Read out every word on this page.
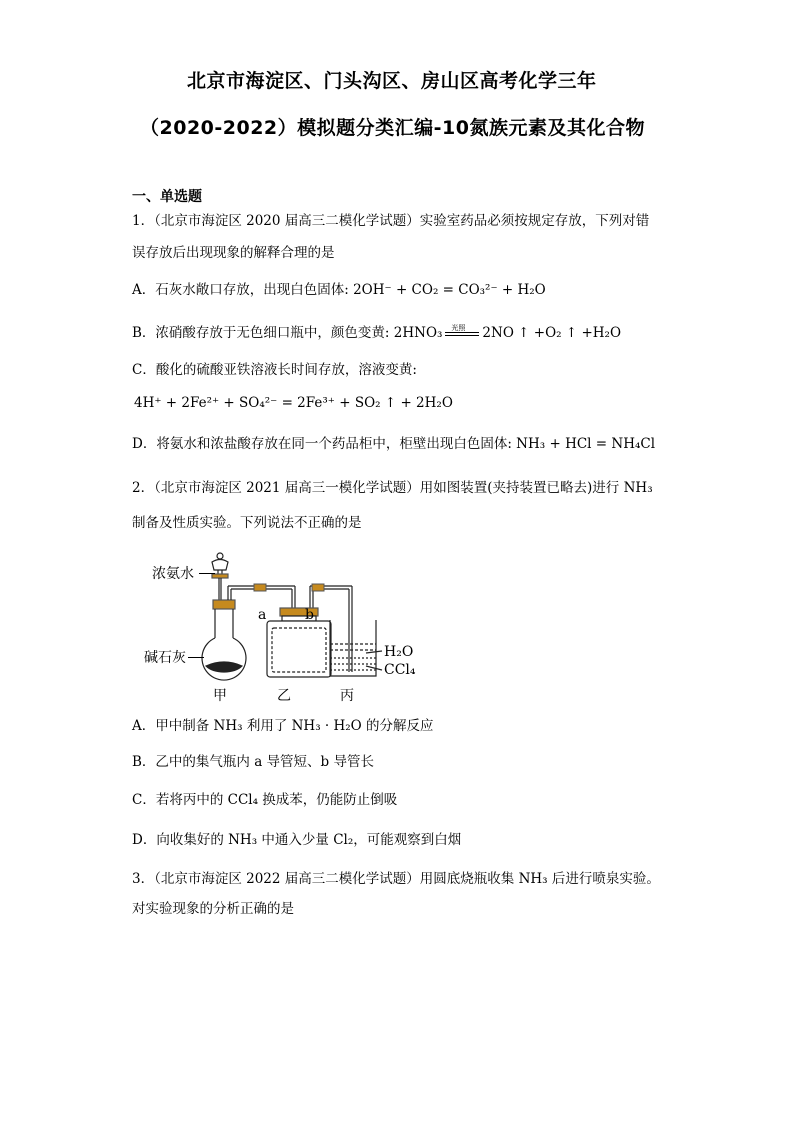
北京市海淀区、门头沟区、房山区高考化学三年
（2020-2022）模拟题分类汇编-10氮族元素及其化合物
一、单选题
1．（北京市海淀区 2020 届高三二模化学试题）实验室药品必须按规定存放，下列对错
误存放后出现现象的解释合理的是
A．石灰水敞口存放，出现白色固体: 2OH⁻ + CO₂ = CO₃²⁻ + H₂O
B．浓硝酸存放于无色细口瓶中，颜色变黄: 2HNO₃ 光照 2NO ↑ +O₂ ↑ +H₂O
C．酸化的硫酸亚铁溶液长时间存放，溶液变黄:
4H⁺ + 2Fe²⁺ + SO₄²⁻ = 2Fe³⁺ + SO₂ ↑ + 2H₂O
D．将氨水和浓盐酸存放在同一个药品柜中，柜壁出现白色固体: NH₃ + HCl = NH₄Cl
2．（北京市海淀区 2021 届高三一模化学试题）用如图装置(夹持装置已略去)进行 NH₃
制备及性质实验。下列说法不正确的是
浓氨水
碱石灰
a	b
H₂O
CCl₄
甲	乙	丙
A．甲中制备 NH₃ 利用了 NH₃ · H₂O 的分解反应
B．乙中的集气瓶内 a 导管短、b 导管长
C．若将丙中的 CCl₄ 换成苯，仍能防止倒吸
D．向收集好的 NH₃ 中通入少量 Cl₂，可能观察到白烟
3．（北京市海淀区 2022 届高三二模化学试题）用圆底烧瓶收集 NH₃ 后进行喷泉实验。
对实验现象的分析正确的是
